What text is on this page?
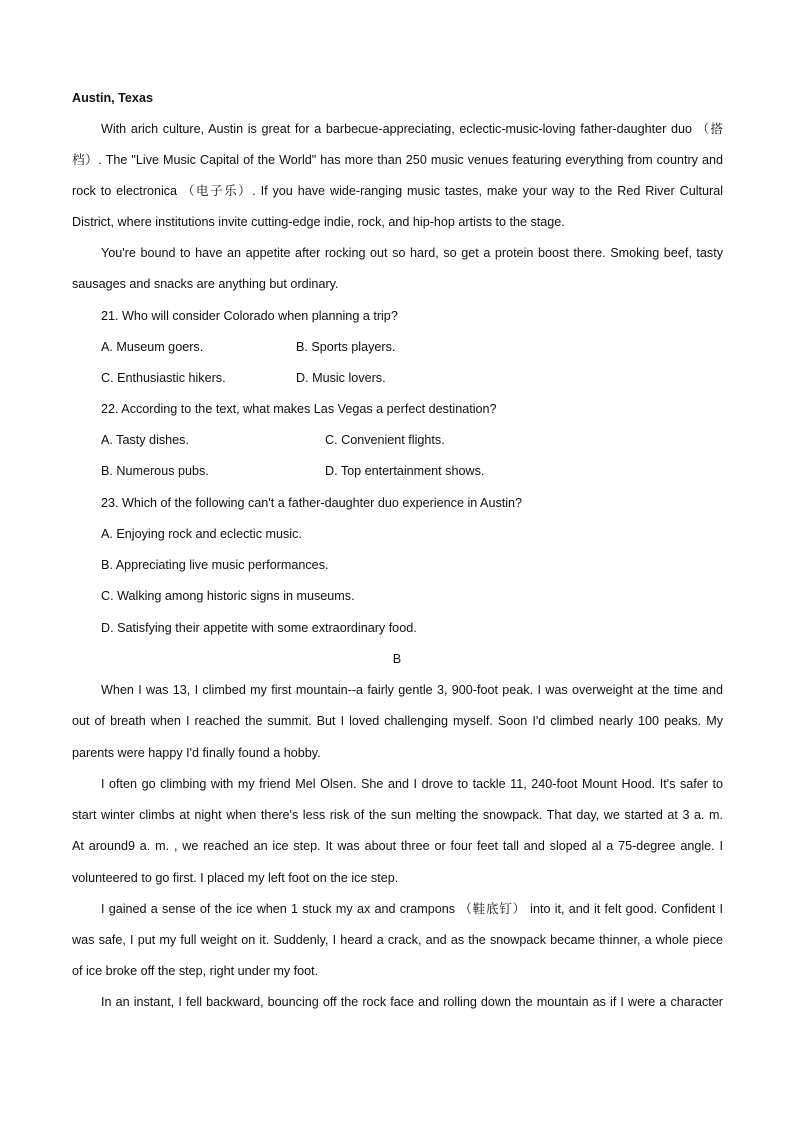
Austin, Texas
With arich culture, Austin is great for a barbecue-appreciating, eclectic-music-loving father-daughter duo （搭
档）. The "Live Music Capital of the World" has more than 250 music venues featuring everything from country and
rock to electronica （电子乐）. If you have wide-ranging music tastes, make your way to the Red River Cultural
District, where institutions invite cutting-edge indie, rock, and hip-hop artists to the stage.
You're bound to have an appetite after rocking out so hard, so get a protein boost there. Smoking beef, tasty
sausages and snacks are anything but ordinary.
21. Who will consider Colorado when planning a trip?
A. Museum goers.	B. Sports players.
C. Enthusiastic hikers.	D. Music lovers.
22. According to the text, what makes Las Vegas a perfect destination?
A. Tasty dishes.	C. Convenient flights.
B. Numerous pubs.	D. Top entertainment shows.
23. Which of the following can't a father-daughter duo experience in Austin?
A. Enjoying rock and eclectic music.
B. Appreciating live music performances.
C. Walking among historic signs in museums.
D. Satisfying their appetite with some extraordinary food.
B
When I was 13, I climbed my first mountain--a fairly gentle 3, 900-foot peak. I was overweight at the time and
out of breath when I reached the summit. But I loved challenging myself. Soon I'd climbed nearly 100 peaks. My
parents were happy I'd finally found a hobby.
I often go climbing with my friend Mel Olsen. She and I drove to tackle 11, 240-foot Mount Hood. It's safer to
start winter climbs at night when there's less risk of the sun melting the snowpack. That day, we started at 3 a. m.
At around9 a. m. , we reached an ice step. It was about three or four feet tall and sloped al a 75-degree angle. I
volunteered to go first. I placed my left foot on the ice step.
I gained a sense of the ice when 1 stuck my ax and crampons （鞋底钉） into it, and it felt good. Confident I
was safe, I put my full weight on it. Suddenly, I heard a crack, and as the snowpack became thinner, a whole piece
of ice broke off the step, right under my foot.
In an instant, I fell backward, bouncing off the rock face and rolling down the mountain as if I were a character
